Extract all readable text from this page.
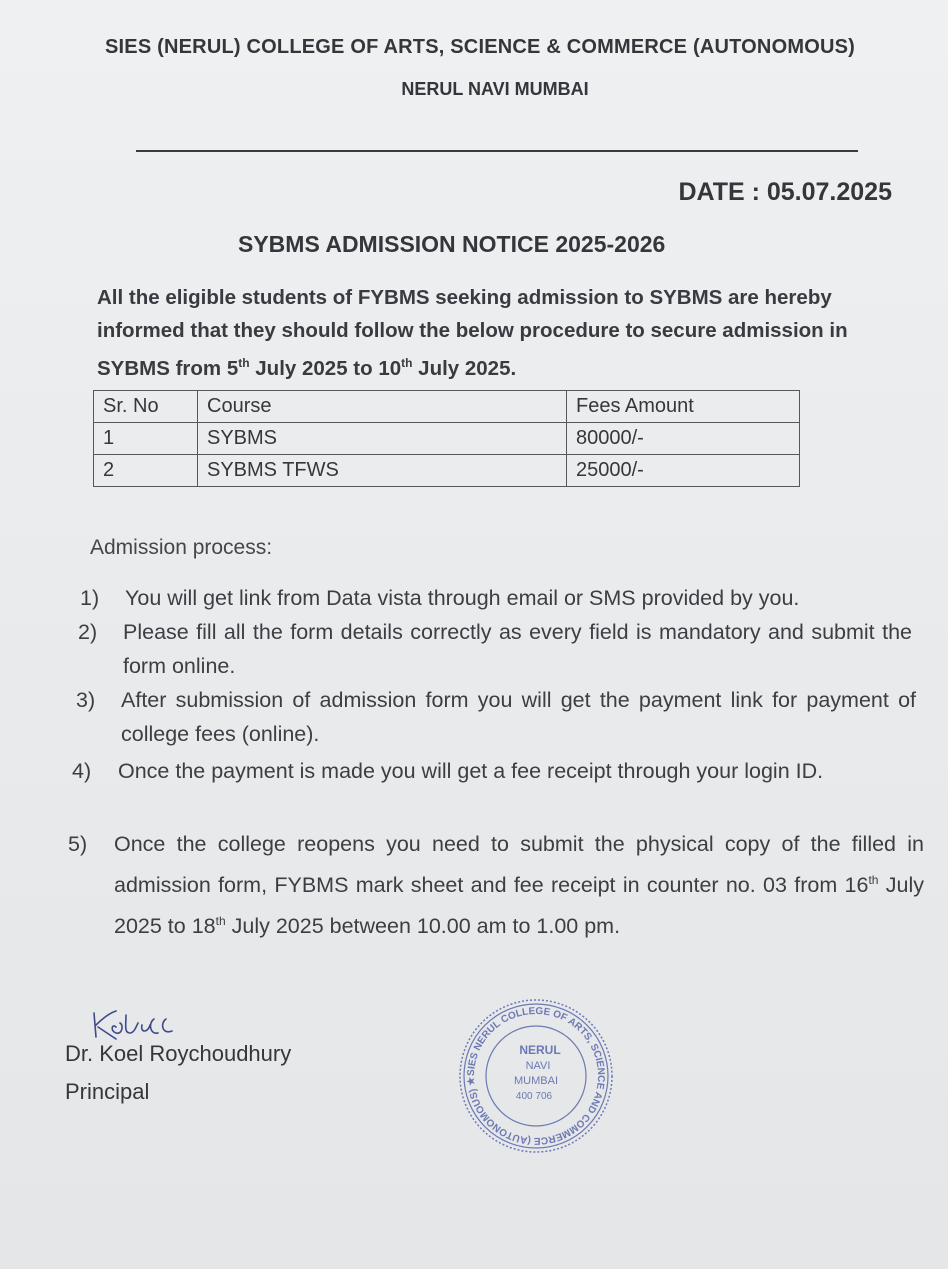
SIES (NERUL) COLLEGE OF ARTS, SCIENCE & COMMERCE (AUTONOMOUS)
NERUL NAVI MUMBAI
DATE : 05.07.2025
SYBMS ADMISSION NOTICE 2025-2026
All the eligible students of FYBMS seeking admission to SYBMS are hereby informed that they should follow the below procedure to secure admission in SYBMS from 5th July 2025 to 10th July 2025.
Sr. No	Course	Fees Amount
1	SYBMS	80000/-
2	SYBMS TFWS	25000/-
Admission process:
1)	You will get link from Data vista through email or SMS provided by you.
2)	Please fill all the form details correctly as every field is mandatory and submit the form online.
3)	After submission of admission form you will get the payment link for payment of college fees (online).
4)	Once the payment is made you will get a fee receipt through your login ID.
5)	Once the college reopens you need to submit the physical copy of the filled in admission form, FYBMS mark sheet and fee receipt in counter no. 03 from 16th July 2025 to 18th July 2025 between 10.00 am to 1.00 pm.
Dr. Koel Roychoudhury
Principal
SIES NERUL COLLEGE OF ARTS, SCIENCE AND COMMERCE (AUTONOMOUS) ★
NERUL
NAVI
MUMBAI
400 706
